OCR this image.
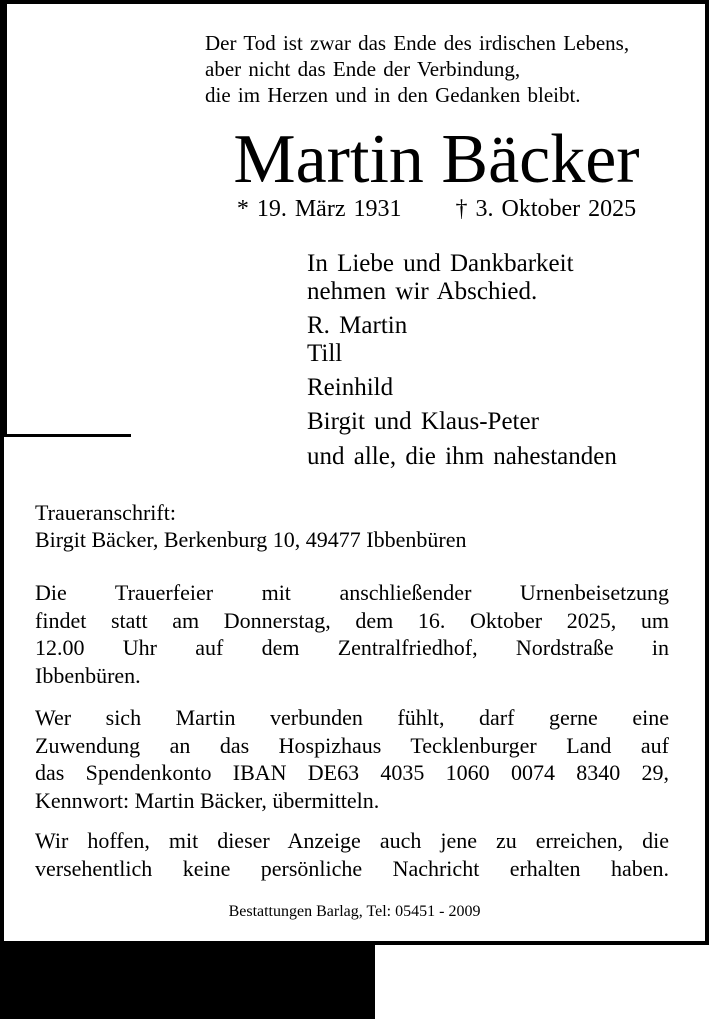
Der Tod ist zwar das Ende des irdischen Lebens,
aber nicht das Ende der Verbindung,
die im Herzen und in den Gedanken bleibt.
Martin Bäcker
* 19. März 1931 † 3. Oktober 2025
In Liebe und Dankbarkeit
nehmen wir Abschied.
R. Martin
Till
Reinhild
Birgit und Klaus-Peter
und alle, die ihm nahestanden
Traueranschrift:
Birgit Bäcker, Berkenburg 10, 49477 Ibbenbüren
Die Trauerfeier mit anschließender Urnenbeisetzung
findet statt am Donnerstag, dem 16. Oktober 2025, um
12.00 Uhr auf dem Zentralfriedhof, Nordstraße in
Ibbenbüren.
Wer sich Martin verbunden fühlt, darf gerne eine
Zuwendung an das Hospizhaus Tecklenburger Land auf
das Spendenkonto IBAN DE63 4035 1060 0074 8340 29,
Kennwort: Martin Bäcker, übermitteln.
Wir hoffen, mit dieser Anzeige auch jene zu erreichen, die
versehentlich keine persönliche Nachricht erhalten haben.
Bestattungen Barlag, Tel: 05451 - 2009
